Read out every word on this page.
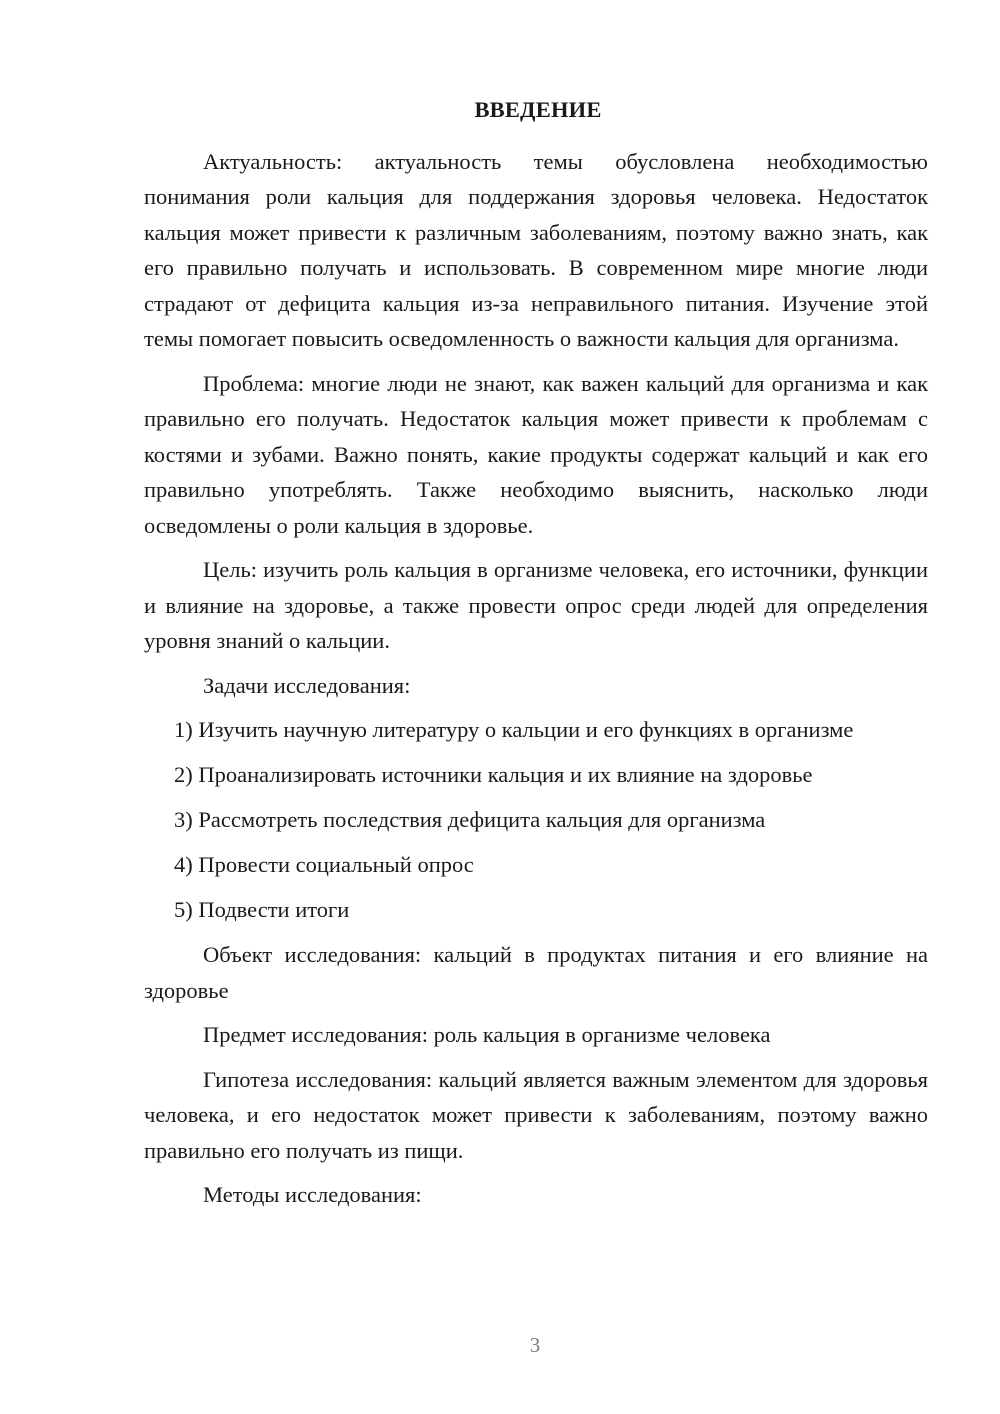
ВВЕДЕНИЕ

Актуальность: актуальность темы обусловлена необходимостью понимания роли кальция для поддержания здоровья человека. Недостаток кальция может привести к различным заболеваниям, поэтому важно знать, как его правильно получать и использовать. В современном мире многие люди страдают от дефицита кальция из-за неправильного питания. Изучение этой темы помогает повысить осведомленность о важности кальция для организма.

Проблема: многие люди не знают, как важен кальций для организма и как правильно его получать. Недостаток кальция может привести к проблемам с костями и зубами. Важно понять, какие продукты содержат кальций и как его правильно употреблять. Также необходимо выяснить, насколько люди осведомлены о роли кальция в здоровье.

Цель: изучить роль кальция в организме человека, его источники, функции и влияние на здоровье, а также провести опрос среди людей для определения уровня знаний о кальции.

Задачи исследования:

1) Изучить научную литературу о кальции и его функциях в организме
2) Проанализировать источники кальция и их влияние на здоровье
3) Рассмотреть последствия дефицита кальция для организма
4) Провести социальный опрос
5) Подвести итоги

Объект исследования: кальций в продуктах питания и его влияние на здоровье

Предмет исследования: роль кальция в организме человека

Гипотеза исследования: кальций является важным элементом для здоровья человека, и его недостаток может привести к заболеваниям, поэтому важно правильно его получать из пищи.

Методы исследования:

3
